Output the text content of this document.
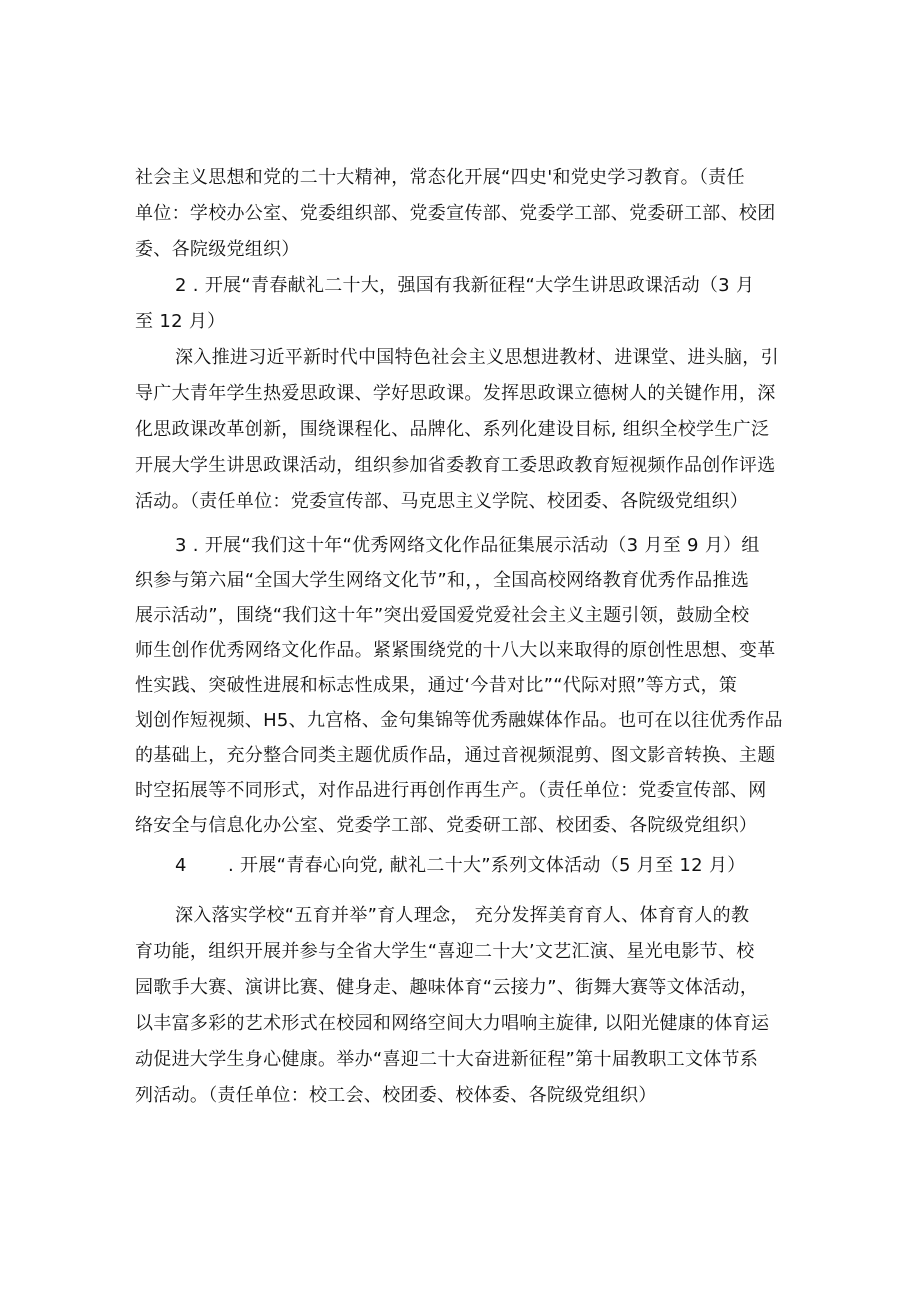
社会主义思想和党的二十大精神，常态化开展“四史'和党史学习教育。（责任
单位：学校办公室、党委组织部、党委宣传部、党委学工部、党委研工部、校团
委、各院级党组织）
2 . 开展“青春献礼二十大，强国有我新征程“大学生讲思政课活动（3 月
至 12 月）
深入推进习近平新时代中国特色社会主义思想进教材、进课堂、进头脑，引
导广大青年学生热爱思政课、学好思政课。发挥思政课立德树人的关键作用，深
化思政课改革创新，围绕课程化、品牌化、系列化建设目标, 组织全校学生广泛
开展大学生讲思政课活动，组织参加省委教育工委思政教育短视频作品创作评选
活动。（责任单位：党委宣传部、马克思主义学院、校团委、各院级党组织）
3 . 开展“我们这十年“优秀网络文化作品征集展示活动（3 月至 9 月）组
织参与第六届“全国大学生网络文化节”和，，全国高校网络教育优秀作品推选
展示活动”，围绕“我们这十年”突出爱国爱党爱社会主义主题引领，鼓励全校
师生创作优秀网络文化作品。紧紧围绕党的十八大以来取得的原创性思想、变革
性实践、突破性进展和标志性成果，通过‘今昔对比”“代际对照”等方式，策
划创作短视频、H5、九宫格、金句集锦等优秀融媒体作品。也可在以往优秀作品
的基础上，充分整合同类主题优质作品，通过音视频混剪、图文影音转换、主题
时空拓展等不同形式，对作品进行再创作再生产。（责任单位：党委宣传部、网
络安全与信息化办公室、党委学工部、党委研工部、校团委、各院级党组织）
4 . 开展“青春心向党, 献礼二十大”系列文体活动（5 月至 12 月）
深入落实学校“五育并举”育人理念， 充分发挥美育育人、体育育人的教
育功能，组织开展并参与全省大学生“喜迎二十大’文艺汇演、星光电影节、校
园歌手大赛、演讲比赛、健身走、趣味体育“云接力”、街舞大赛等文体活动，
以丰富多彩的艺术形式在校园和网络空间大力唱响主旋律, 以阳光健康的体育运
动促进大学生身心健康。举办“喜迎二十大奋进新征程”第十届教职工文体节系
列活动。（责任单位：校工会、校团委、校体委、各院级党组织）
